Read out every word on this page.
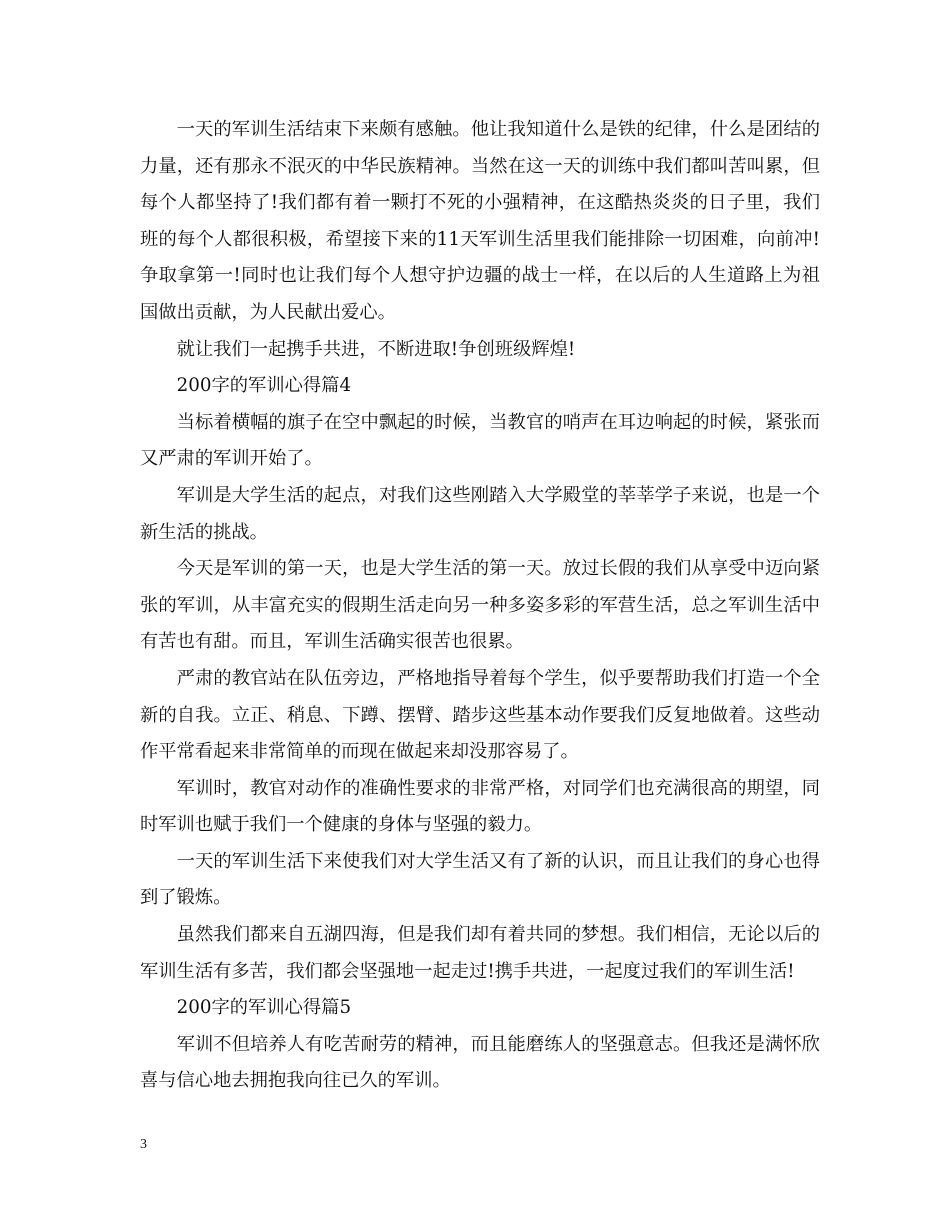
一天的军训生活结束下来颇有感触。他让我知道什么是铁的纪律，什么是团结的力量，还有那永不泯灭的中华民族精神。当然在这一天的训练中我们都叫苦叫累，但每个人都坚持了!我们都有着一颗打不死的小强精神，在这酷热炎炎的日子里，我们班的每个人都很积极，希望接下来的11天军训生活里我们能排除一切困难，向前冲!争取拿第一!同时也让我们每个人想守护边疆的战士一样，在以后的人生道路上为祖国做出贡献，为人民献出爱心。

就让我们一起携手共进，不断进取!争创班级辉煌!

200字的军训心得篇4

当标着横幅的旗子在空中飘起的时候，当教官的哨声在耳边响起的时候，紧张而又严肃的军训开始了。

军训是大学生活的起点，对我们这些刚踏入大学殿堂的莘莘学子来说，也是一个新生活的挑战。

今天是军训的第一天，也是大学生活的第一天。放过长假的我们从享受中迈向紧张的军训，从丰富充实的假期生活走向另一种多姿多彩的军营生活，总之军训生活中有苦也有甜。而且，军训生活确实很苦也很累。

严肃的教官站在队伍旁边，严格地指导着每个学生，似乎要帮助我们打造一个全新的自我。立正、稍息、下蹲、摆臂、踏步这些基本动作要我们反复地做着。这些动作平常看起来非常简单的而现在做起来却没那容易了。

军训时，教官对动作的准确性要求的非常严格，对同学们也充满很高的期望，同时军训也赋于我们一个健康的身体与坚强的毅力。

一天的军训生活下来使我们对大学生活又有了新的认识，而且让我们的身心也得到了锻炼。

虽然我们都来自五湖四海，但是我们却有着共同的梦想。我们相信，无论以后的军训生活有多苦，我们都会坚强地一起走过!携手共进，一起度过我们的军训生活!

200字的军训心得篇5

军训不但培养人有吃苦耐劳的精神，而且能磨练人的坚强意志。但我还是满怀欣喜与信心地去拥抱我向往已久的军训。

3
